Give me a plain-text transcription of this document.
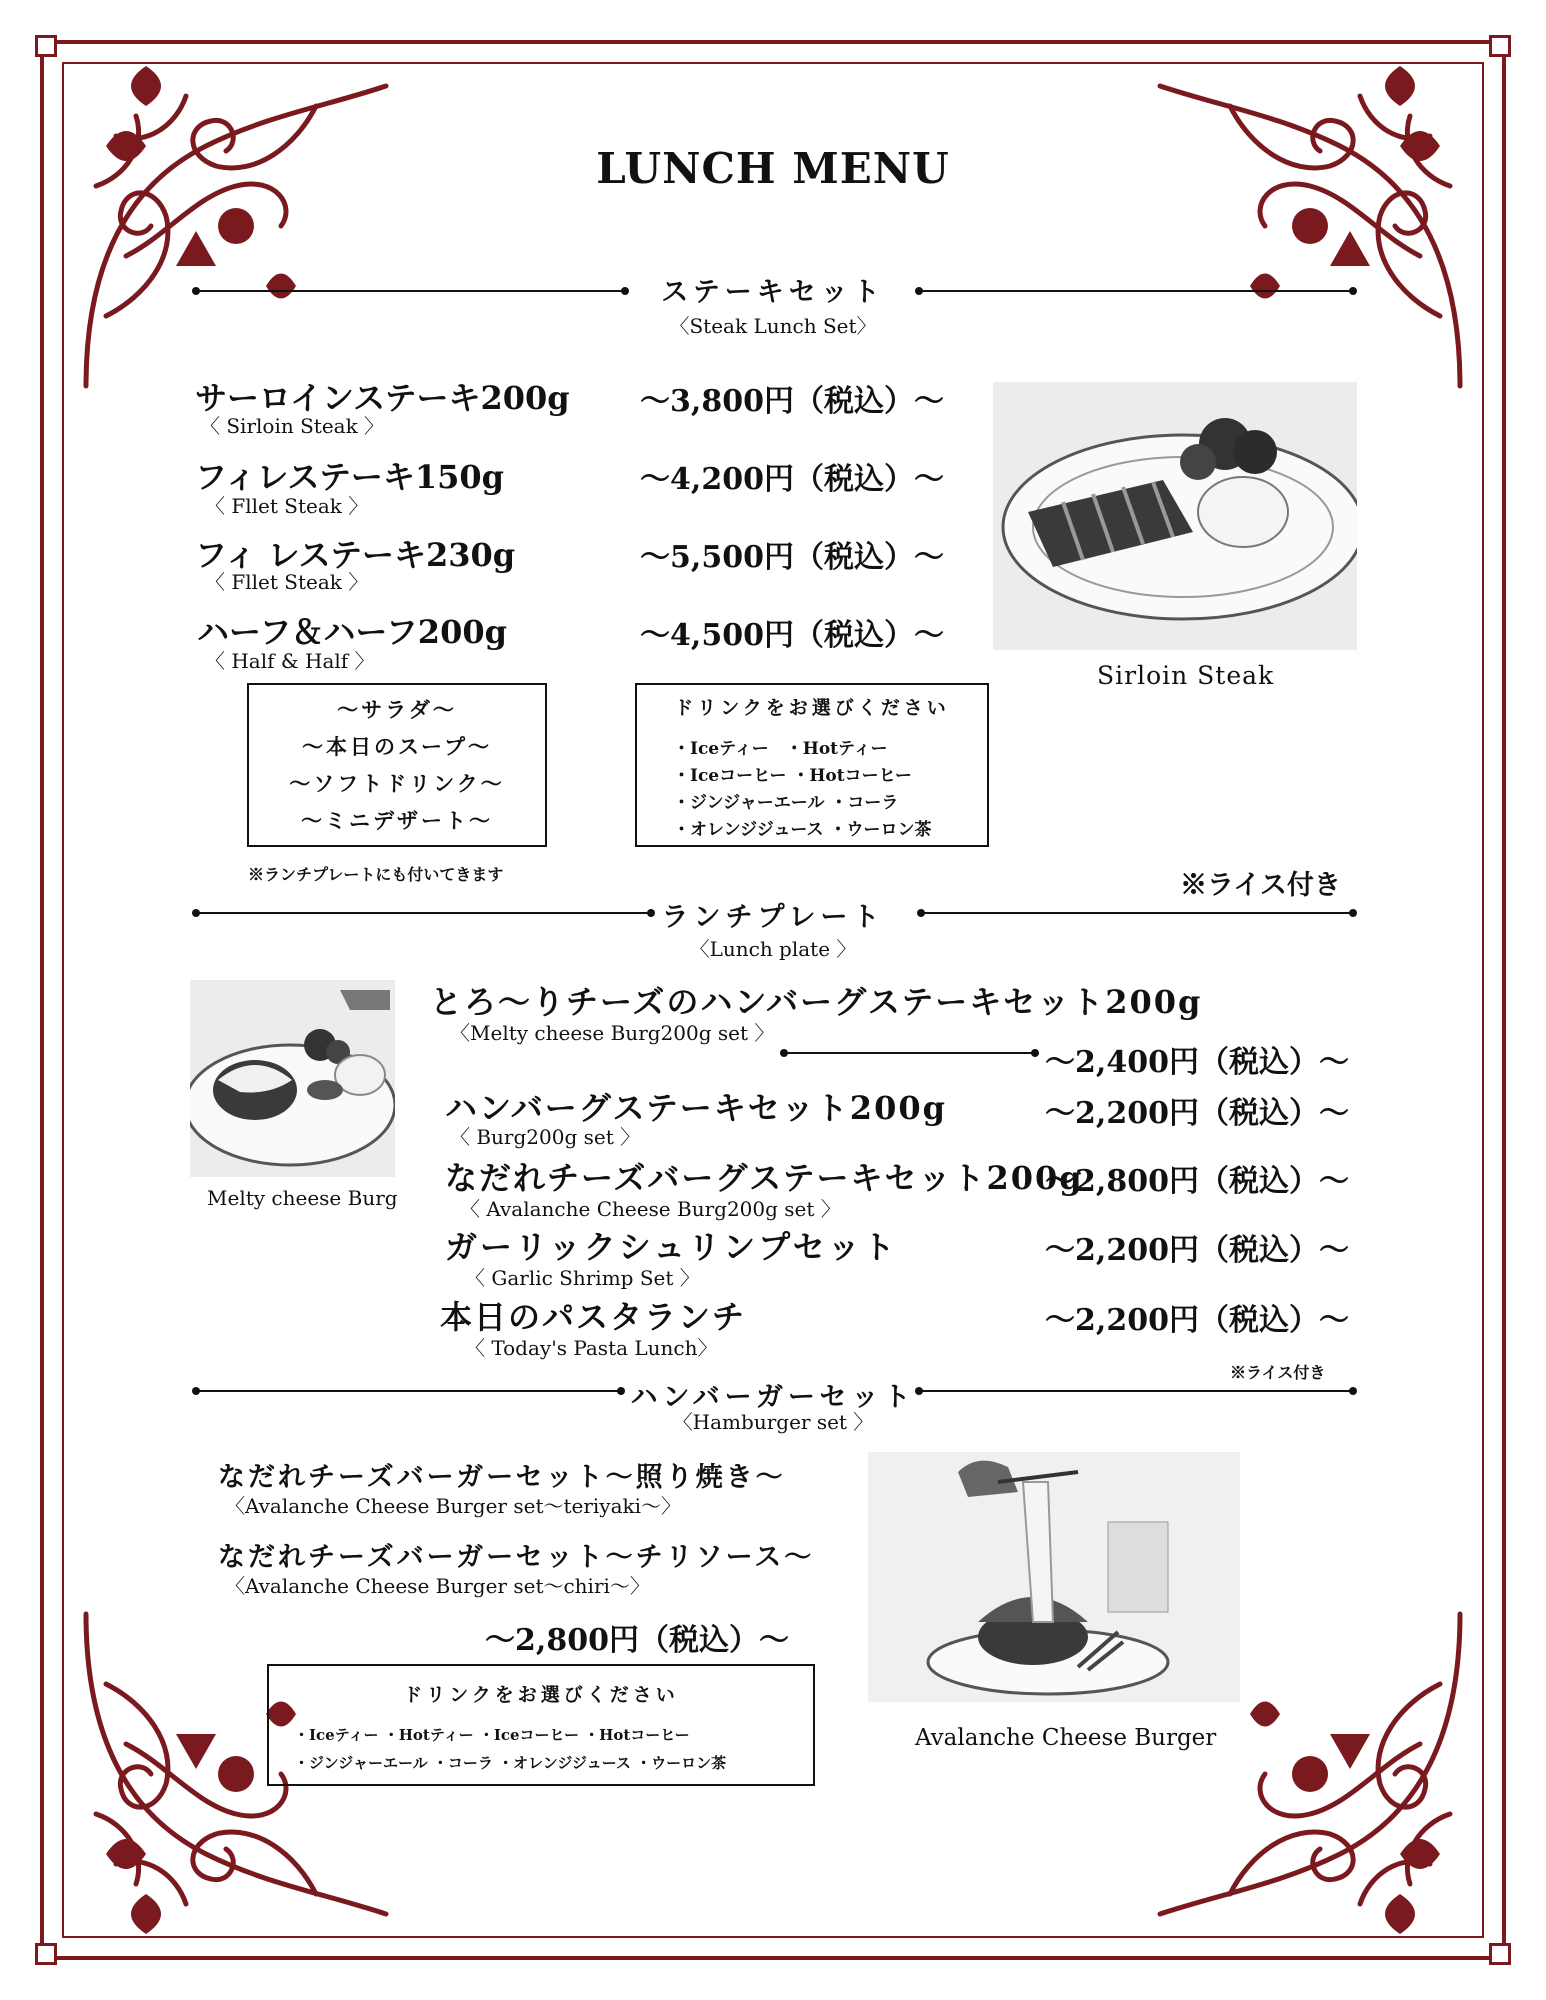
LUNCH MENU
ステーキセット
〈Steak Lunch Set〉
サーロインステーキ200g
〈 Sirloin Steak 〉
～3,800円（税込）～
フィレステーキ150g
〈 Fllet Steak 〉
～4,200円（税込）～
フィ レステーキ230g
〈 Fllet Steak 〉
～5,500円（税込）～
ハーフ＆ハーフ200g
〈 Half & Half 〉
～4,500円（税込）～
～サラダ～
～本日のスープ～
～ソフトドリンク～
～ミニデザート～
※ランチプレートにも付いてきます
ドリンクをお選びください
・Iceティー　・Hotティー
・Iceコーヒー ・Hotコーヒー
・ジンジャーエール ・コーラ
・オレンジジュース ・ウーロン茶
Sirloin Steak
※ライス付き
ランチプレート
〈Lunch plate 〉
Melty cheese Burg
とろ～りチーズのハンバーグステーキセット200g
〈Melty cheese Burg200g set 〉
～2,400円（税込）～
ハンバーグステーキセット200g
〈 Burg200g set 〉
～2,200円（税込）～
なだれチーズバーグステーキセット200g
〈 Avalanche Cheese Burg200g set 〉
～2,800円（税込）～
ガーリックシュリンプセット
〈 Garlic Shrimp Set 〉
～2,200円（税込）～
本日のパスタランチ
〈 Today's Pasta Lunch〉
～2,200円（税込）～
※ライス付き
ハンバーガーセット
〈Hamburger set 〉
なだれチーズバーガーセット～照り焼き～
〈Avalanche Cheese Burger set～teriyaki～〉
なだれチーズバーガーセット～チリソース～
〈Avalanche Cheese Burger set～chiri～〉
～2,800円（税込）～
ドリンクをお選びください
・Iceティー ・Hotティー ・Iceコーヒー ・Hotコーヒー
・ジンジャーエール ・コーラ ・オレンジジュース ・ウーロン茶
Avalanche Cheese Burger
